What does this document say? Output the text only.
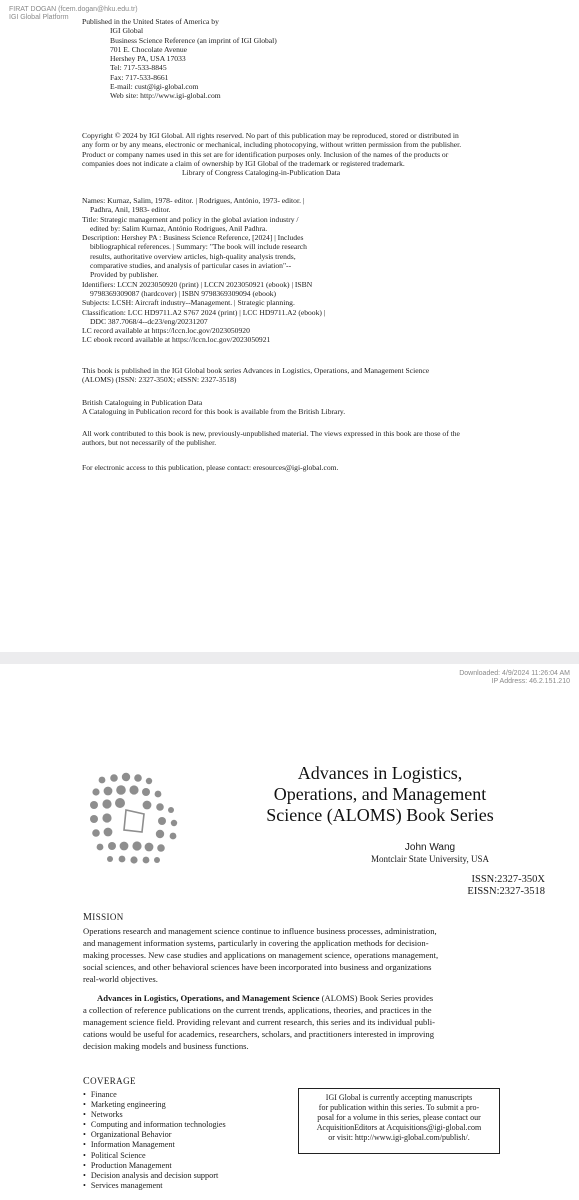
Published in the United States of America by
IGI Global
Business Science Reference (an imprint of IGI Global)
701 E. Chocolate Avenue
Hershey PA, USA 17033
Tel: 717-533-8845
Fax: 717-533-8661
E-mail: cust@igi-global.com
Web site: http://www.igi-global.com
Copyright © 2024 by IGI Global. All rights reserved. No part of this publication may be reproduced, stored or distributed in
any form or by any means, electronic or mechanical, including photocopying, without written permission from the publisher.
Product or company names used in this set are for identification purposes only. Inclusion of the names of the products or
companies does not indicate a claim of ownership by IGI Global of the trademark or registered trademark.
Library of Congress Cataloging-in-Publication Data
Names: Kurnaz, Salim, 1978- editor. | Rodrigues, António, 1973- editor. |
Padhra, Anil, 1983- editor.
Title: Strategic management and policy in the global aviation industry /
edited by: Salim Kurnaz, António Rodrigues, Anil Padhra.
Description: Hershey PA : Business Science Reference, [2024] | Includes
bibliographical references. | Summary: "The book will include research
results, authoritative overview articles, high-quality analysis trends,
comparative studies, and analysis of particular cases in aviation"--
Provided by publisher.
Identifiers: LCCN 2023050920 (print) | LCCN 2023050921 (ebook) | ISBN
9798369309087 (hardcover) | ISBN 9798369309094 (ebook)
Subjects: LCSH: Aircraft industry--Management. | Strategic planning.
Classification: LCC HD9711.A2 S767 2024 (print) | LCC HD9711.A2 (ebook) |
DDC 387.7068/4--dc23/eng/20231207
LC record available at https://lccn.loc.gov/2023050920
LC ebook record available at https://lccn.loc.gov/2023050921
This book is published in the IGI Global book series Advances in Logistics, Operations, and Management Science
(ALOMS) (ISSN: 2327-350X; eISSN: 2327-3518)
British Cataloguing in Publication Data
A Cataloguing in Publication record for this book is available from the British Library.
All work contributed to this book is new, previously-unpublished material. The views expressed in this book are those of the
authors, but not necessarily of the publisher.
For electronic access to this publication, please contact: eresources@igi-global.com.
FIRAT DOGAN (fcem.dogan@hku.edu.tr)
IGI Global Platform
Downloaded: 4/9/2024 11:26:04 AM
IP Address: 46.2.151.210
Advances in Logistics,
Operations, and Management
Science (ALOMS) Book Series
John Wang
Montclair State University, USA
ISSN:2327-350X
EISSN:2327-3518
MISSION
Operations research and management science continue to influence business processes, administration,
and management information systems, particularly in covering the application methods for decision-
making processes. New case studies and applications on management science, operations management,
social sciences, and other behavioral sciences have been incorporated into business and organizations
real-world objectives.
Advances in Logistics, Operations, and Management Science (ALOMS) Book Series provides
a collection of reference publications on the current trends, applications, theories, and practices in the
management science field. Providing relevant and current research, this series and its individual publi-
cations would be useful for academics, researchers, scholars, and practitioners interested in improving
decision making models and business functions.
COVERAGE
• Finance
• Marketing engineering
• Networks
• Computing and information technologies
• Organizational Behavior
• Information Management
• Political Science
• Production Management
• Decision analysis and decision support
• Services management
IGI Global is currently accepting manuscripts
for publication within this series. To submit a pro-
posal for a volume in this series, please contact our
AcquisitionEditors at Acquisitions@igi-global.com
or visit: http://www.igi-global.com/publish/.
